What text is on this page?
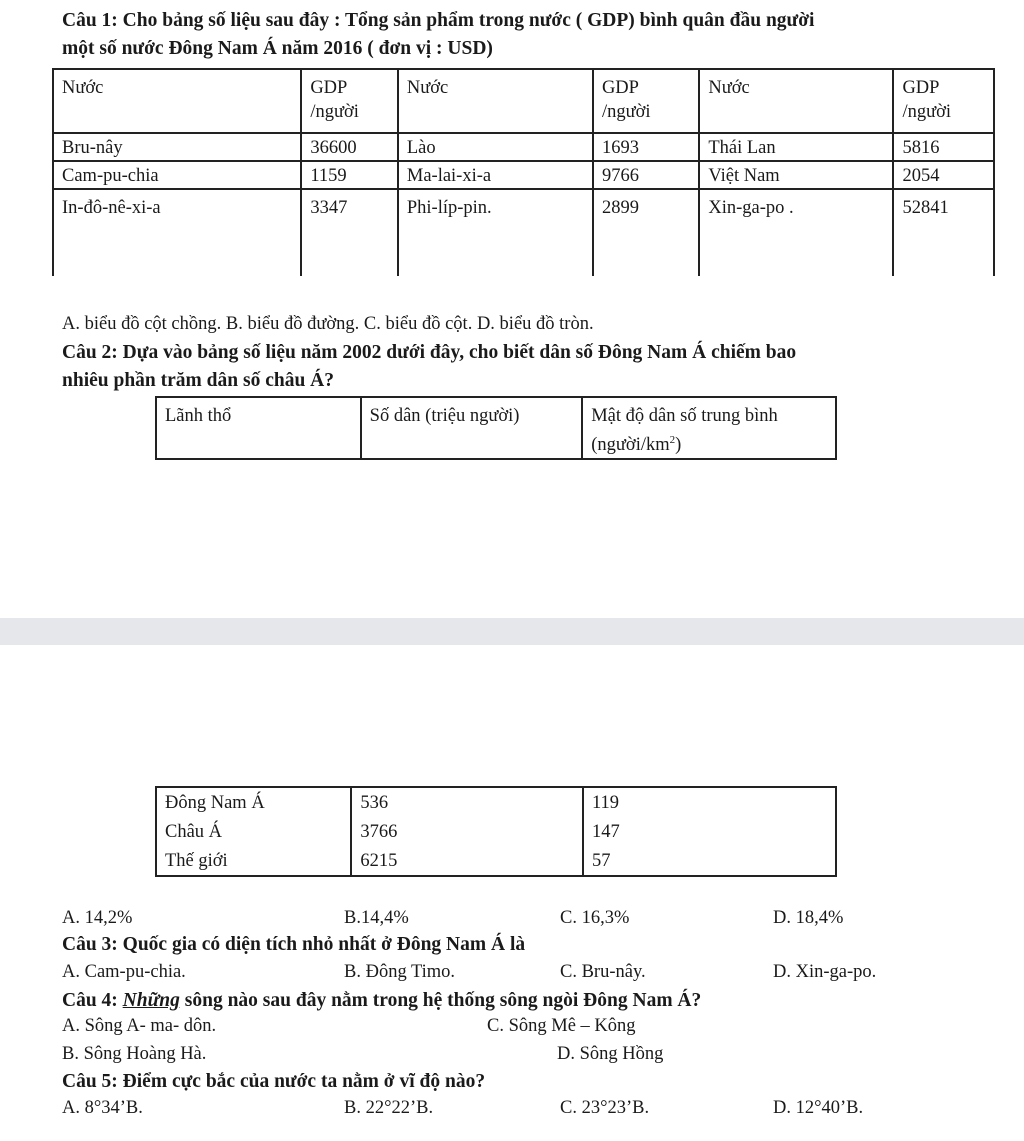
Câu 1: Cho bảng số liệu sau đây : Tổng sản phẩm trong nước ( GDP) bình quân đầu người
một số nước Đông Nam Á năm 2016 ( đơn vị : USD)
Nước	GDP /người	Nước	GDP /người	Nước	GDP /người
Bru-nây	36600	Lào	1693	Thái Lan	5816
Cam-pu-chia	1159	Ma-lai-xi-a	9766	Việt Nam	2054
In-đô-nê-xi-a	3347	Phi-líp-pin.	2899	Xin-ga-po .	52841
A. biểu đồ cột chồng. B. biểu đồ đường. C. biểu đồ cột. D. biểu đồ tròn.
Câu 2: Dựa vào bảng số liệu năm 2002 dưới đây, cho biết dân số Đông Nam Á chiếm bao
nhiêu phần trăm dân số châu Á?
Lãnh thổ	Số dân (triệu người)	Mật độ dân số trung bình $(người/km^2)$
Đông Nam Á	536	119
Châu Á	3766	147
Thế giới	6215	57
A. 14,2%	B.14,4%	C. 16,3%	D. 18,4%
Câu 3: Quốc gia có diện tích nhỏ nhất ở Đông Nam Á là
A. Cam-pu-chia.	B. Đông Timo.	C. Bru-nây.	D. Xin-ga-po.
Câu 4: Những sông nào sau đây nằm trong hệ thống sông ngòi Đông Nam Á?
A. Sông A- ma- dôn.	C. Sông Mê – Kông
B. Sông Hoàng Hà.	D. Sông Hồng
Câu 5: Điểm cực bắc của nước ta nằm ở vĩ độ nào?
A. 8°34’B.	B. 22°22’B.	C. 23°23’B.	D. 12°40’B.
